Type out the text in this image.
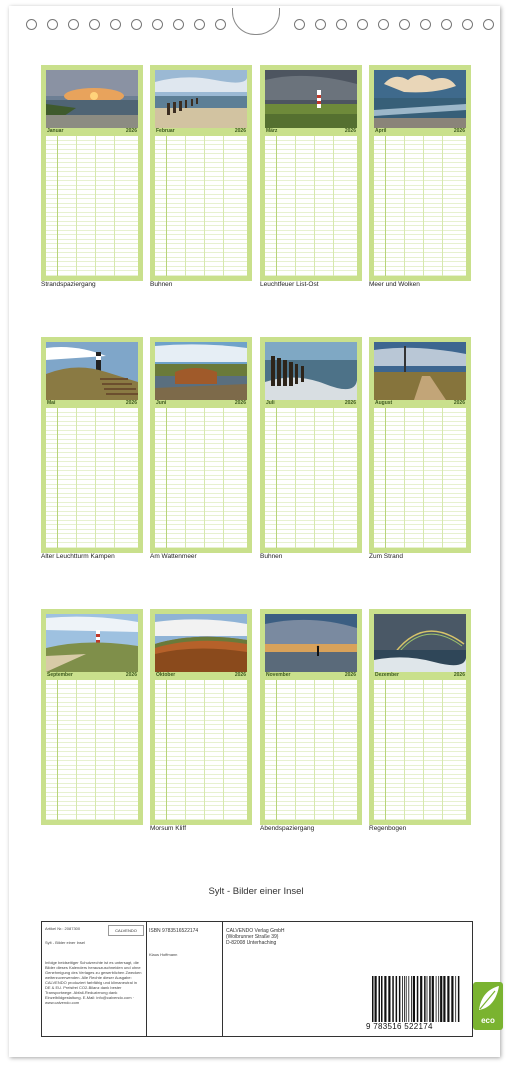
Januar	2026
Strandspaziergang
Februar	2026
Buhnen
März	2026
Leuchtfeuer List-Ost
April	2026
Meer und Wolken
Mai	2026
Alter Leuchtturm Kampen
Juni	2026
Am Wattenmeer
Juli	2026
Buhnen
August	2026
Zum Strand
September	2026	Oktober	2026
Morsum Kliff
November	2026
Abendspaziergang
Dezember	2026
Regenbogen
Sylt - Bilder einer Insel
Artikel Nr.: 2087300
Sylt - Bilder einer Insel
Infolge beidseitiger Schutzrechte ist es untersagt, die Bilder dieses Kalenders herauszuschneiden und ohne Genehmigung des Verlages zu gewerblichen Zwecken weiterzuverwenden. Alle Rechte dieser Ausgabe: CALVENDO produziert farbfähig und klimaneutral in DE & EU. Preisfrei CO2-Bilanz dank bester Transportwege. Abfall-Reduzierung dank Einzelbildgestaltung. E-Mail: info@calvendo.com · www.calvendo.com
CALVENDO	ISBN 9783516522174
Klaus Hoffmann
CALVENDO Verlag GmbH
(Wolbrunner Straße 39)
D-82008 Unterhaching
9 783516 522174
eco
